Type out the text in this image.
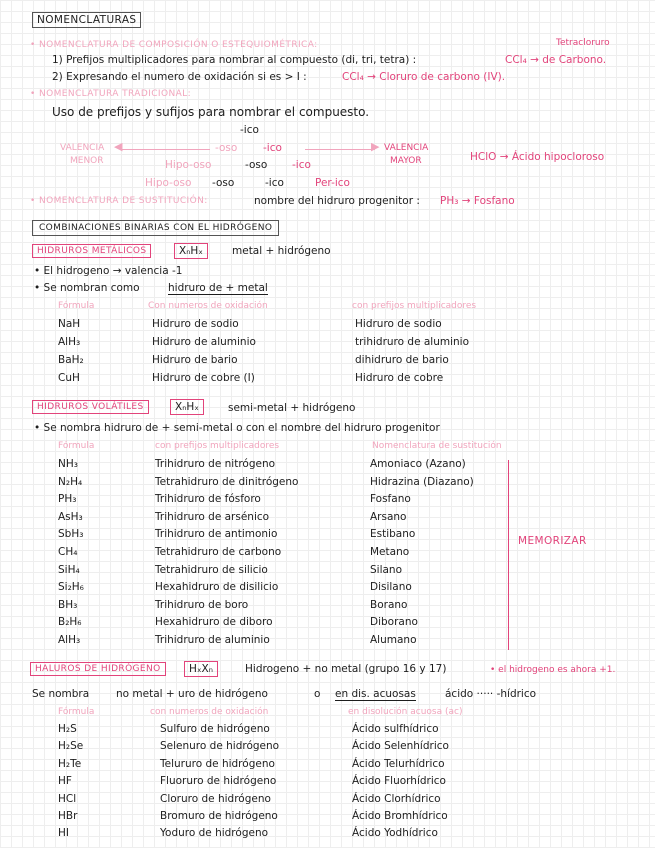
NOMENCLATURAS
• NOMENCLATURA DE COMPOSICIÓN O ESTEQUIOMÉTRICA:	Tetracloruro
1) Prefijos multiplicadores para nombrar al compuesto (di, tri, tetra) :	CCl₄ → de Carbono.
2) Expresando el numero de oxidación si es > I :	CCl₄ → Cloruro de carbono (IV).
• NOMENCLATURA TRADICIONAL:
Uso de prefijos y sufijos para nombrar el compuesto.
-ico
VALENCIA
MENOR
◀	-oso -ico	▶ VALENCIA
MAYOR
Hipo-oso	-oso -ico
HClO → Ácido hipocloroso
Hipo-oso -oso	-ico	Per-ico
• NOMENCLATURA DE SUSTITUCIÓN:	nombre del hidruro progenitor : PH₃ → Fosfano
COMBINACIONES BINARIAS CON EL HIDRÓGENO
HIDRUROS METÁLICOS	XₙHₓ	metal + hidrógeno
• El hidrogeno → valencia -1
• Se nombran como	hidruro de + metal
Fórmula	Con numeros de oxidación	con prefijos multiplicadores
NaH	Hidruro de sodio	Hidruro de sodio
AlH₃	Hidruro de aluminio	trihidruro de aluminio
BaH₂	Hidruro de bario	dihidruro de bario
CuH	Hidruro de cobre (I)	Hidruro de cobre
HIDRUROS VOLÁTILES	XₙHₓ	semi-metal + hidrógeno
• Se nombra hidruro de + semi-metal o con el nombre del hidruro progenitor
Fórmula	con prefijos multiplicadores	Nomenclatura de sustitución
NH₃	Trihidruro de nitrógeno	Amoniaco (Azano)
N₂H₄	Tetrahidruro de dinitrógeno	Hidrazina (Diazano)
PH₃	Trihidruro de fósforo	Fosfano
AsH₃	Trihidruro de arsénico	Arsano
SbH₃	Trihidruro de antimonio	Estibano
CH₄	Tetrahidruro de carbono	Metano
SiH₄	Tetrahidruro de silicio	Silano
Si₂H₆	Hexahidruro de disilicio	Disilano
BH₃	Trihidruro de boro	Borano
B₂H₆	Hexahidruro de diboro	Diborano
AlH₃	Trihidruro de aluminio	Alumano
MEMORIZAR
HALUROS DE HIDRÓGENO	HₓXₙ	Hidrogeno + no metal (grupo 16 y 17)	• el hidrogeno es ahora +1.
Se nombra	no metal + uro de hidrógeno	o en dis. acuosas	ácido ····· -hídrico
Fórmula	con numeros de oxidación	en disolución acuosa (ac)
H₂S	Sulfuro de hidrógeno	Ácido sulfhídrico
H₂Se	Selenuro de hidrógeno	Ácido Selenhídrico
H₂Te	Telururo de hidrógeno	Ácido Telurhídrico
HF	Fluoruro de hidrógeno	Ácido Fluorhídrico
HCl	Cloruro de hidrógeno	Ácido Clorhídrico
HBr	Bromuro de hidrógeno	Ácido Bromhídrico
HI	Yoduro de hidrógeno	Ácido Yodhídrico
